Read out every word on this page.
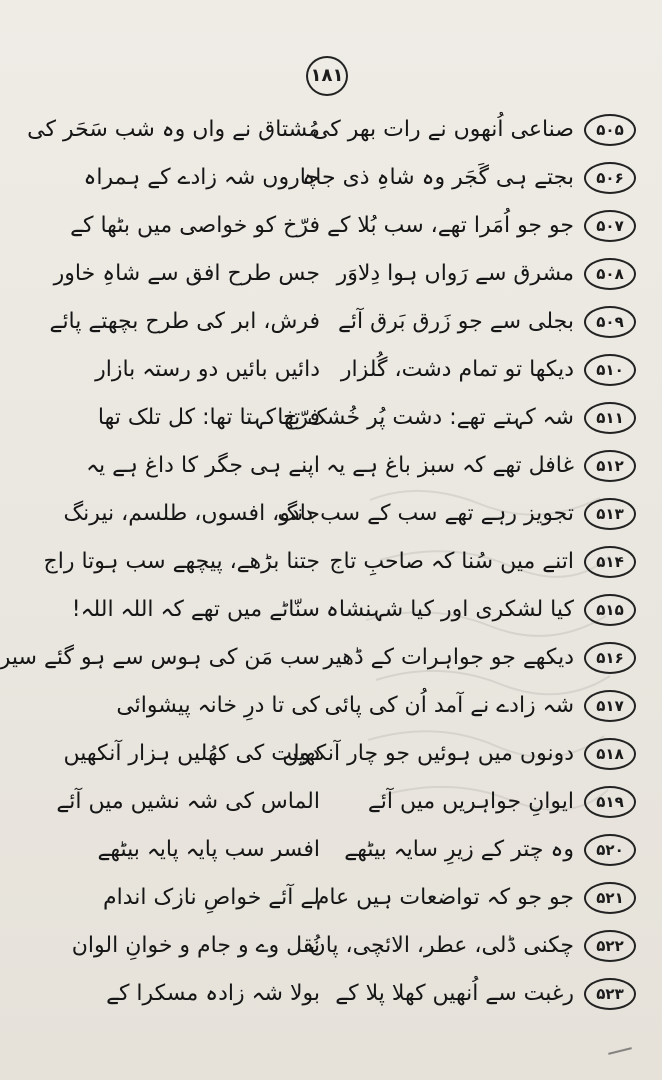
۱۸۱
۵۰۵
صناعی اُنھوں نے رات بھر کی
مُشتاق نے واں وہ شب سَحَر کی
۵۰۶
بجتے ہی گَجَر وہ شاہِ ذی جاہ
چاروں شہ زادے کے ہمراہ
۵۰۷
جو جو اُمَرا تھے، سب بُلا کے
فرّخ کو خواصی میں بٹھا کے
۵۰۸
مشرق سے رَواں ہوا دِلاوَر
جس طرح افق سے شاہِ خاور
۵۰۹
بجلی سے جو زَرق بَرق آئے
فرش، ابر کی طرح بچھتے پائے
۵۱۰
دیکھا تو تمام دشت، گُلزار
دائیں بائیں دو رستہ بازار
۵۱۱
شہ کہتے تھے: دشت پُر خُشک تھا
فرّخ کہتا تھا: کل تلک تھا
۵۱۲
غافل تھے کہ سبز باغ ہے یہ
اپنے ہی جگر کا داغ ہے یہ
۵۱۳
تجویز رہے تھے سب کے سب دنگ
جادو، افسوں، طلسم، نیرنگ
۵۱۴
اتنے میں سُنا کہ صاحبِ تاج
جتنا بڑھے، پیچھے سب ہوتا راج
۵۱۵
کیا لشکری اور کیا شہنشاہ
سنّاٹے میں تھے کہ اللہ اللہ!
۵۱۶
دیکھے جو جواہرات کے ڈھیر
سب مَن کی ہوس سے ہو گئے سیر
۵۱۷
شہ زادے نے آمد اُن کی پائی
کی تا درِ خانہ پیشوائی
۵۱۸
دونوں میں ہوئیں جو چار آنکھیں
دولت کی کھُلیں ہزار آنکھیں
۵۱۹
ایوانِ جواہریں میں آئے
الماس کی شہ نشیں میں آئے
۵۲۰
وہ چتر کے زیرِ سایہ بیٹھے
افسر سب پایہ پایہ بیٹھے
۵۲۱
جو جو کہ تواضعات ہیں عام
لے آئے خواصِ نازک اندام
۵۲۲
چکنی ڈلی، عطر، الائچی، پان
نُقل وے و جام و خوانِ الوان
۵۲۳
رغبت سے اُنھیں کھلا پلا کے
بولا شہ زادہ مسکرا کے
